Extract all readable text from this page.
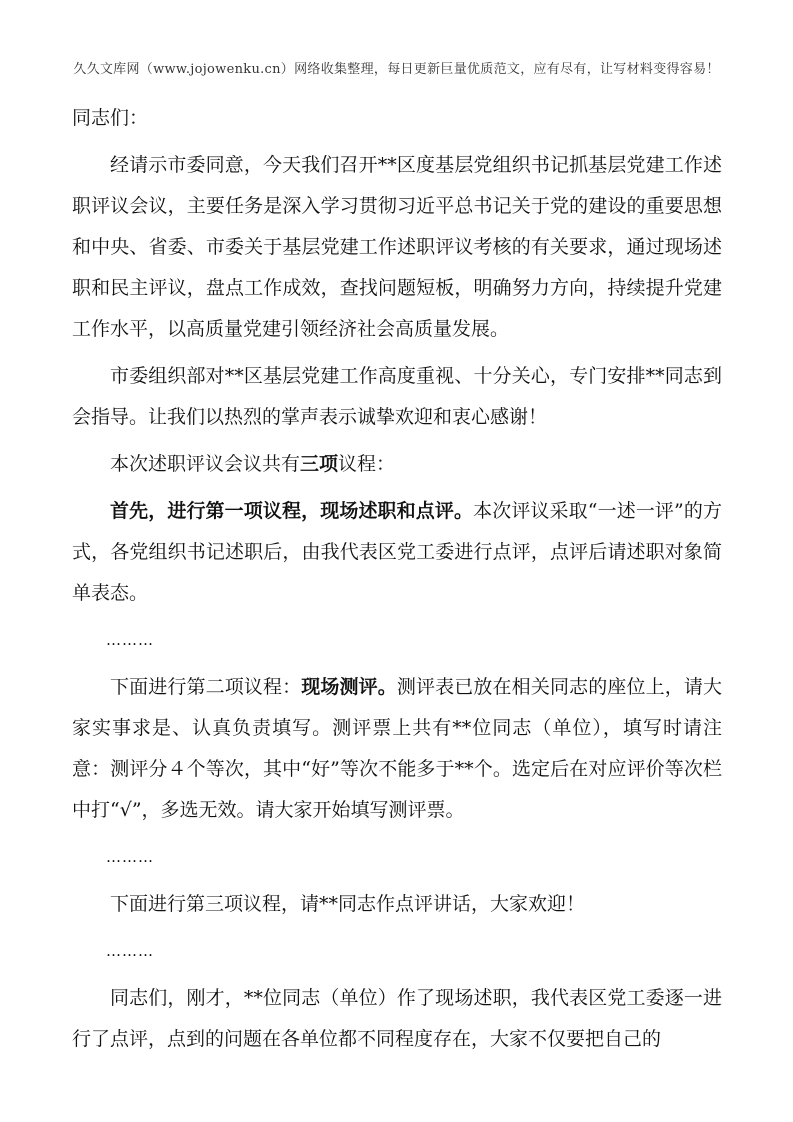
久久文库网（www.jojowenku.cn）网络收集整理，每日更新巨量优质范文，应有尽有，让写材料变得容易！

同志们：

经请示市委同意，今天我们召开**区度基层党组织书记抓基层党建工作述职评议会议，主要任务是深入学习贯彻习近平总书记关于党的建设的重要思想和中央、省委、市委关于基层党建工作述职评议考核的有关要求，通过现场述职和民主评议，盘点工作成效，查找问题短板，明确努力方向，持续提升党建工作水平，以高质量党建引领经济社会高质量发展。

市委组织部对**区基层党建工作高度重视、十分关心，专门安排**同志到会指导。让我们以热烈的掌声表示诚挚欢迎和衷心感谢！

本次述职评议会议共有三项议程：

首先，进行第一项议程，现场述职和点评。本次评议采取“一述一评”的方式，各党组织书记述职后，由我代表区党工委进行点评，点评后请述职对象简单表态。

………

下面进行第二项议程：现场测评。测评表已放在相关同志的座位上，请大家实事求是、认真负责填写。测评票上共有**位同志（单位），填写时请注意：测评分４个等次，其中“好”等次不能多于**个。选定后在对应评价等次栏中打“√”，多选无效。请大家开始填写测评票。

………

下面进行第三项议程，请**同志作点评讲话，大家欢迎！

………

同志们，刚才，**位同志（单位）作了现场述职，我代表区党工委逐一进行了点评，点到的问题在各单位都不同程度存在，大家不仅要把自己的
